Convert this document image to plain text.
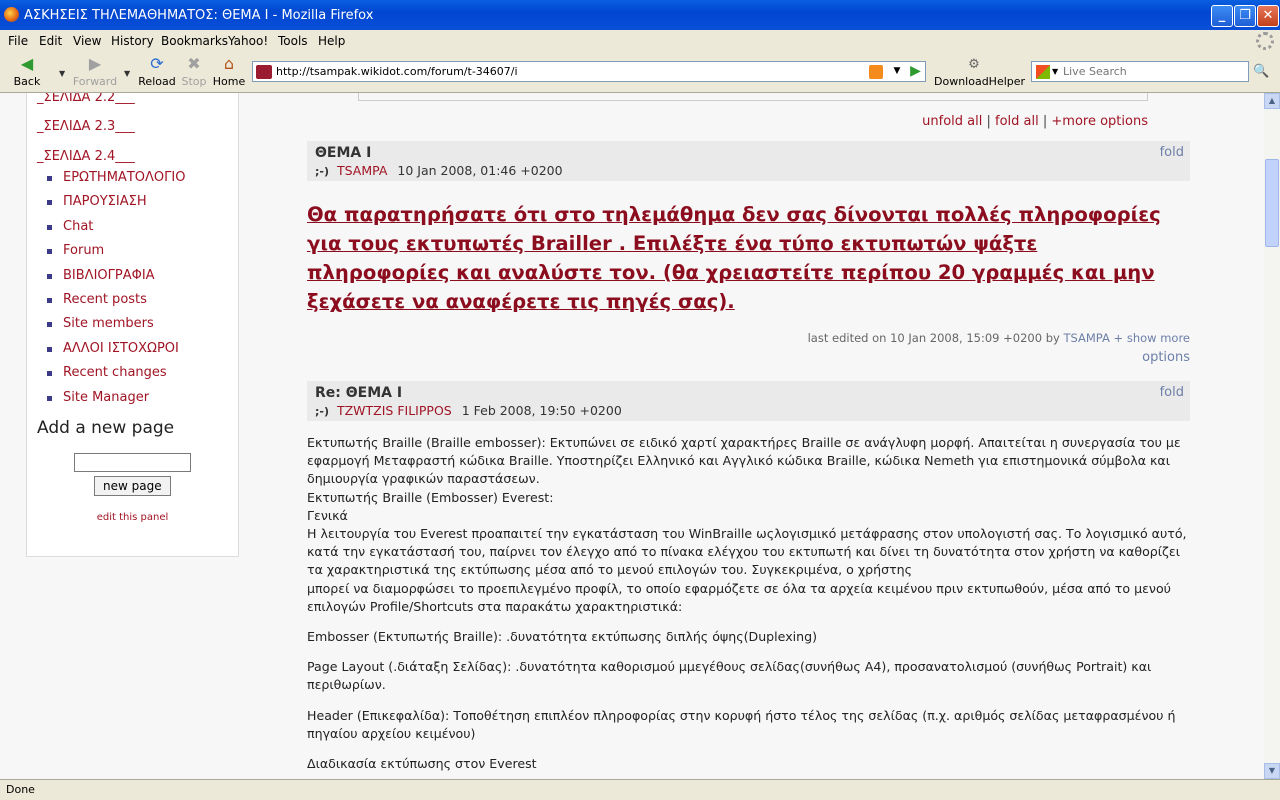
ΑΣΚΗΣΕΙΣ ΤΗΛΕΜΑΘΗΜΑΤΟΣ: ΘΕΜΑ Ι - Mozilla Firefox	_	❐ ✕
File Edit View History Bookmarks Yahoo! Tools Help
◀
Back
▼
▶
Forward
▼
⟳
Reload
✖
Stop
⌂
Home
http://tsampak.wikidot.com/forum/t-34607/i	▼ ▶	⚙
DownloadHelper
▼
Live Search	🔍
_ΣΕΛΙΔΑ 2.2___
_ΣΕΛΙΔΑ 2.3___
_ΣΕΛΙΔΑ 2.4___
ΕΡΩΤΗΜΑΤΟΛΟΓΙΟ
ΠΑΡΟΥΣΙΑΣΗ
Chat
Forum
ΒΙΒΛΙΟΓΡΑΦΙΑ
Recent posts
Site members
ΑΛΛΟΙ ΙΣΤΟΧΩΡΟΙ
Recent changes
Site Manager
Add a new page
new page
edit this panel
unfold all | fold all | +more options
ΘΕΜΑ Ι
;-) TSAMPA 10 Jan 2008, 01:46 +0200
fold
Θα παρατηρήσατε ότι στο τηλεμάθημα δεν σας δίνονται πολλές πληροφορίες για τους εκτυπωτές Brailler . Επιλέξτε ένα τύπο εκτυπωτών ψάξτε πληροφορίες και αναλύστε τον. (θα χρειαστείτε περίπου 20 γραμμές και μην ξεχάσετε να αναφέρετε τις πηγές σας).
last edited on 10 Jan 2008, 15:09 +0200 by TSAMPA + show more
options
Re: ΘΕΜΑ Ι
;-) TZWTZIS FILIPPOS 1 Feb 2008, 19:50 +0200
fold

Εκτυπωτής Braille (Braille embosser): Εκτυπώνει σε ειδικό χαρτί χαρακτήρες Braille σε ανάγλυφη μορφή. Απαιτείται η συνεργασία του με εφαρμογή Μεταφραστή κώδικα Braille. Υποστηρίζει Ελληνικό και Αγγλικό κώδικα Braille, κώδικα Nemeth για επιστημονικά σύμβολα και δημιουργία γραφικών παραστάσεων.

Εκτυπωτής Braille (Embosser) Everest:

Γενικά

Η λειτουργία του Everest προαπαιτεί την εγκατάσταση του WinBraille ωςλογισμικό μετάφρασης στον υπολογιστή σας. Το λογισμικό αυτό, κατά την εγκατάστασή του, παίρνει τον έλεγχο από το πίνακα ελέγχου του εκτυπωτή και δίνει τη δυνατότητα στον χρήστη να καθορίζει τα χαρακτηριστικά της εκτύπωσης μέσα από το μενού επιλογών του. Συγκεκριμένα, ο χρήστης

μπορεί να διαμορφώσει το προεπιλεγμένο προφίλ, το οποίο εφαρμόζετε σε όλα τα αρχεία κειμένου πριν εκτυπωθούν, μέσα από το μενού επιλογών Profile/Shortcuts στα παρακάτω χαρακτηριστικά:

Embosser (Εκτυπωτής Braille): .δυνατότητα εκτύπωσης διπλής όψης(Duplexing)

Page Layout (.διάταξη Σελίδας): .δυνατότητα καθορισμού μμεγέθους σελίδας(συνήθως Α4), προσανατολισμού (συνήθως Portrait) και περιθωρίων.

Header (Επικεφαλίδα): Τοποθέτηση επιπλέον πληροφορίας στην κορυφή ήστο τέλος της σελίδας (π.χ. αριθμός σελίδας μεταφρασμένου ή πηγαίου αρχείου κειμένου)

Διαδικασία εκτύπωσης στον Everest

▲
▼
Done
